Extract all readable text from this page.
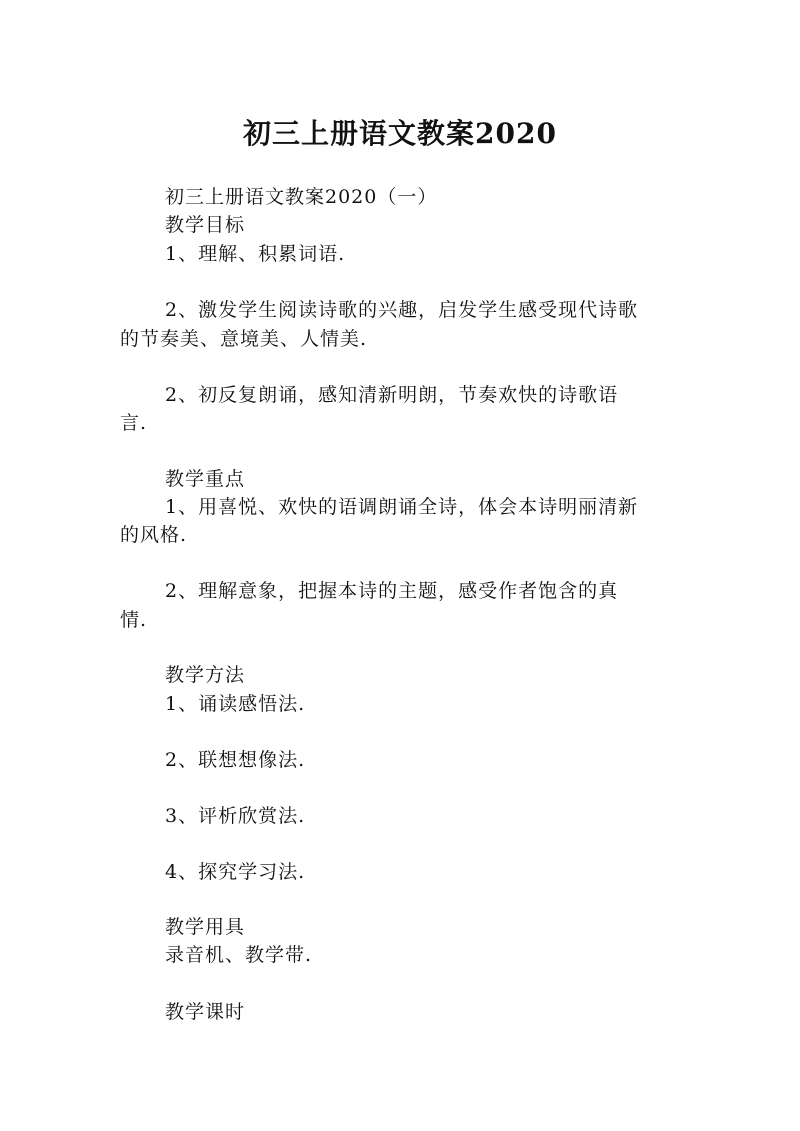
初三上册语文教案2020
初三上册语文教案2020（一）
教学目标
1、理解、积累词语.
2、激发学生阅读诗歌的兴趣，启发学生感受现代诗歌
的节奏美、意境美、人情美.
2、初反复朗诵，感知清新明朗，节奏欢快的诗歌语
言.
教学重点
1、用喜悦、欢快的语调朗诵全诗，体会本诗明丽清新
的风格.
2、理解意象，把握本诗的主题，感受作者饱含的真
情.
教学方法
1、诵读感悟法.
2、联想想像法.
3、评析欣赏法.
4、探究学习法.
教学用具
录音机、教学带.
教学课时
